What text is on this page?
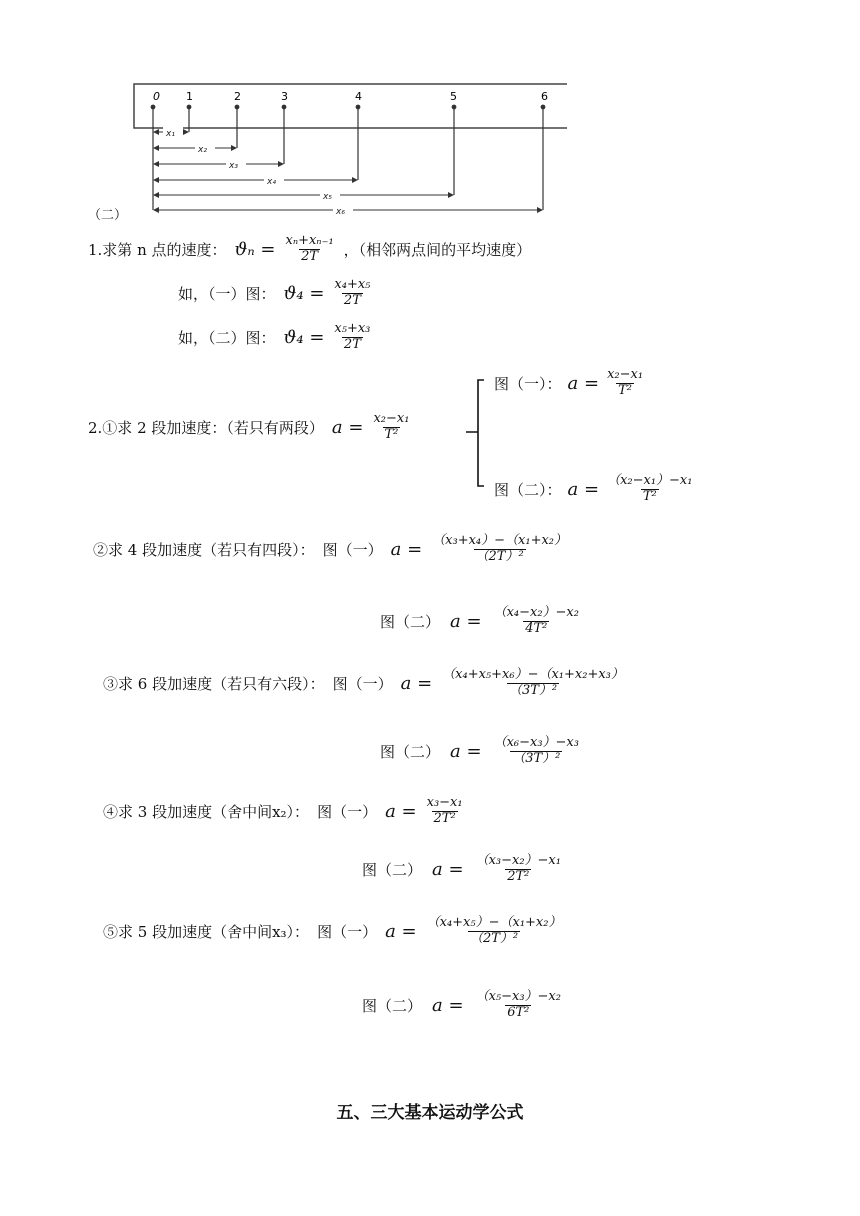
0 1	2	3	4	5	6
x₁
x₂
x₃
x₄
x₅
x₆
（二）
1.求第 n 点的速度： $ϑ_n = \frac{\text{xₙ+xₙ₋₁}}{2T}$ ，（相邻两点间的平均速度）
如，（一）图： $ϑ_4 = \frac{\text{x₄+x₅}}{2T}$
如，（二）图： $ϑ_4 = \frac{\text{x₅+x₃}}{2T}$
2.①求 2 段加速度：（若只有两段） $a = \frac{\text{x₂−x₁}}{\text{T²}}$
图（一）： $a = \frac{\text{x₂−x₁}}{\text{T²}}$
图（二）： $a = \frac{\text{（x₂−x₁）−x₁}}{\text{T²}}$
②求 4 段加速度（若只有四段）： 图（一） $a = \frac{\text{（x₃+x₄）−（x₁+x₂）}}{\text{（2T）²}}$
图（二） $a = \frac{\text{（x₄−x₂）−x₂}}{\text{4T²}}$
③求 6 段加速度（若只有六段）： 图（一） $a = \frac{\text{（x₄+x₅+x₆）−（x₁+x₂+x₃）}}{\text{（3T）²}}$
图（二） $a = \frac{\text{（x₆−x₃）−x₃}}{\text{（3T）²}}$
④求 3 段加速度（舍中间x₂）： 图（一） $a = \frac{\text{x₃−x₁}}{\text{2T²}}$
图（二） $a = \frac{\text{（x₃−x₂）−x₁}}{\text{2T²}}$
⑤求 5 段加速度（舍中间x₃）： 图（一） $a = \frac{\text{（x₄+x₅）−（x₁+x₂）}}{\text{（2T）²}}$
图（二） $a = \frac{\text{（x₅−x₃）−x₂}}{\text{6T²}}$
五、三大基本运动学公式
